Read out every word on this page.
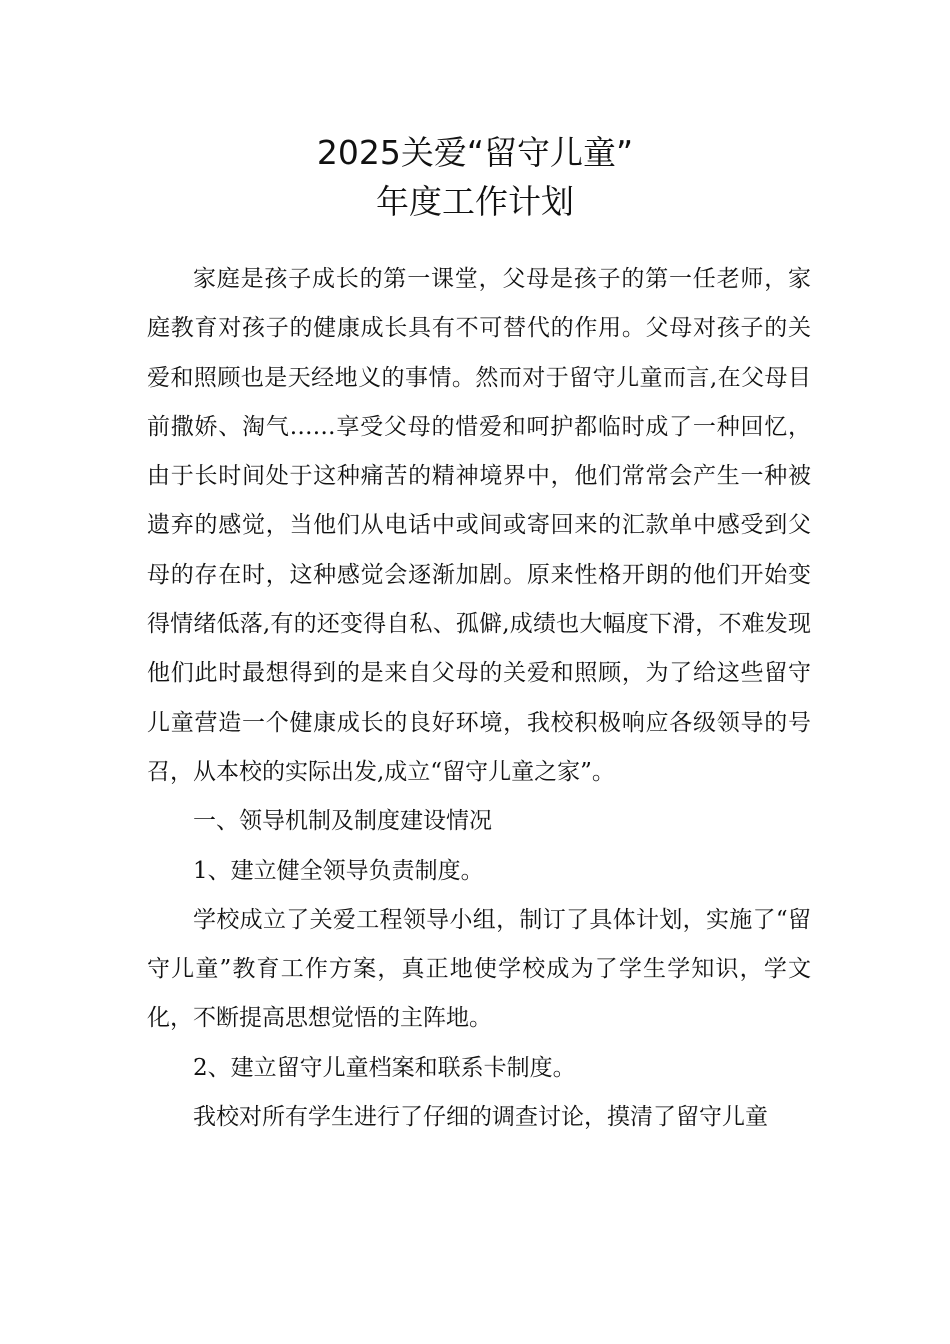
2025关爱“留守儿童”
年度工作计划

家庭是孩子成长的第一课堂，父母是孩子的第一任老师，家庭教育对孩子的健康成长具有不可替代的作用。父母对孩子的关爱和照顾也是天经地义的事情。然而对于留守儿童而言,在父母目前撒娇、淘气……享受父母的惜爱和呵护都临时成了一种回忆，由于长时间处于这种痛苦的精神境界中，他们常常会产生一种被遗弃的感觉，当他们从电话中或间或寄回来的汇款单中感受到父母的存在时，这种感觉会逐渐加剧。原来性格开朗的他们开始变得情绪低落,有的还变得自私、孤僻,成绩也大幅度下滑，不难发现他们此时最想得到的是来自父母的关爱和照顾，为了给这些留守儿童营造一个健康成长的良好环境，我校积极响应各级领导的号召，从本校的实际出发,成立“留守儿童之家”。

一、领导机制及制度建设情况

1、建立健全领导负责制度。

学校成立了关爱工程领导小组，制订了具体计划，实施了“留守儿童”教育工作方案，真正地使学校成为了学生学知识，学文化，不断提高思想觉悟的主阵地。

2、建立留守儿童档案和联系卡制度。

我校对所有学生进行了仔细的调查讨论，摸清了留守儿童
